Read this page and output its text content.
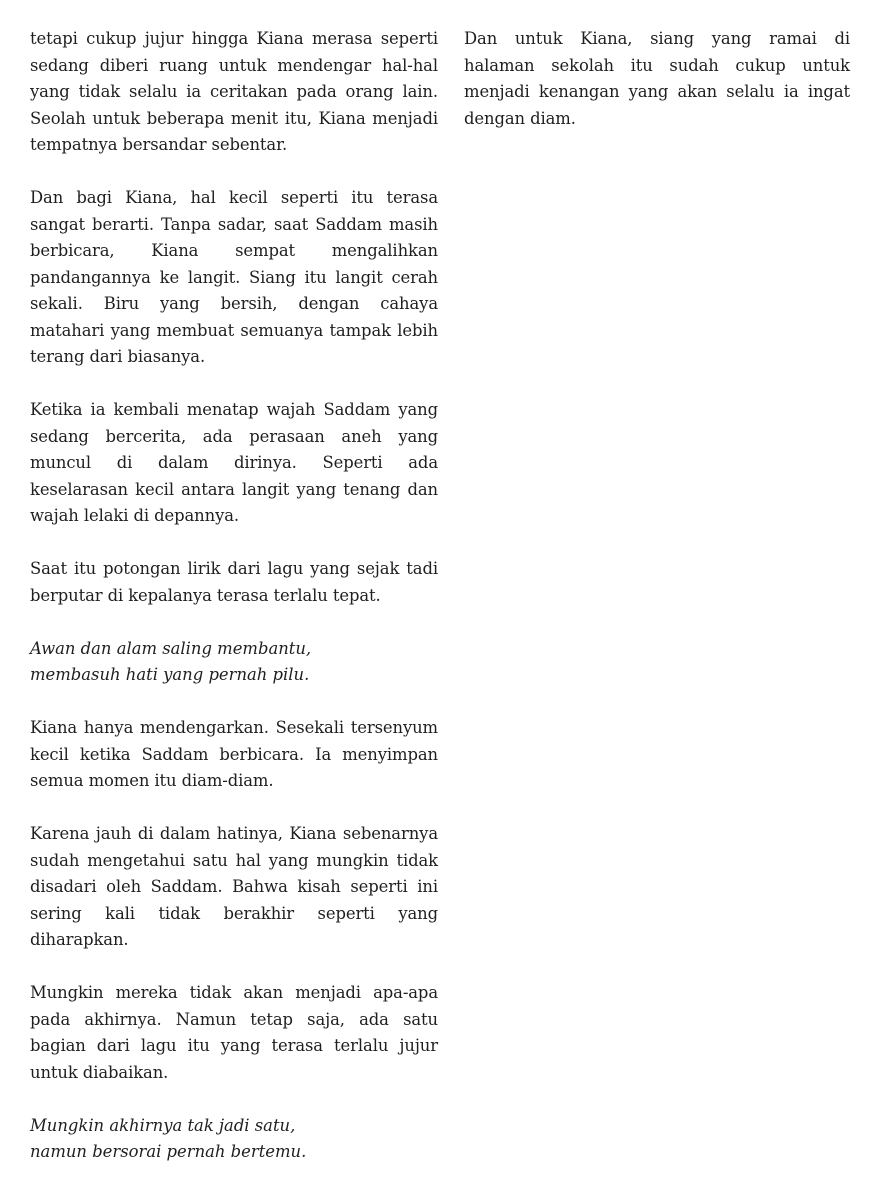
tetapi cukup jujur hingga Kiana merasa seperti sedang diberi ruang untuk mendengar hal-hal yang tidak selalu ia ceritakan pada orang lain. Seolah untuk beberapa menit itu, Kiana menjadi tempatnya bersandar sebentar.

Dan bagi Kiana, hal kecil seperti itu terasa sangat berarti. Tanpa sadar, saat Saddam masih berbicara, Kiana sempat mengalihkan pandangannya ke langit. Siang itu langit cerah sekali. Biru yang bersih, dengan cahaya matahari yang membuat semuanya tampak lebih terang dari biasanya.

Ketika ia kembali menatap wajah Saddam yang sedang bercerita, ada perasaan aneh yang muncul di dalam dirinya. Seperti ada keselarasan kecil antara langit yang tenang dan wajah lelaki di depannya.

Saat itu potongan lirik dari lagu yang sejak tadi berputar di kepalanya terasa terlalu tepat.

Awan dan alam saling membantu,
membasuh hati yang pernah pilu.

Kiana hanya mendengarkan. Sesekali tersenyum kecil ketika Saddam berbicara. Ia menyimpan semua momen itu diam-diam.

Karena jauh di dalam hatinya, Kiana sebenarnya sudah mengetahui satu hal yang mungkin tidak disadari oleh Saddam. Bahwa kisah seperti ini sering kali tidak berakhir seperti yang diharapkan.

Mungkin mereka tidak akan menjadi apa-apa pada akhirnya. Namun tetap saja, ada satu bagian dari lagu itu yang terasa terlalu jujur untuk diabaikan.

Mungkin akhirnya tak jadi satu,
namun bersorai pernah bertemu.

Dan untuk Kiana, siang yang ramai di halaman sekolah itu sudah cukup untuk menjadi kenangan yang akan selalu ia ingat dengan diam.
